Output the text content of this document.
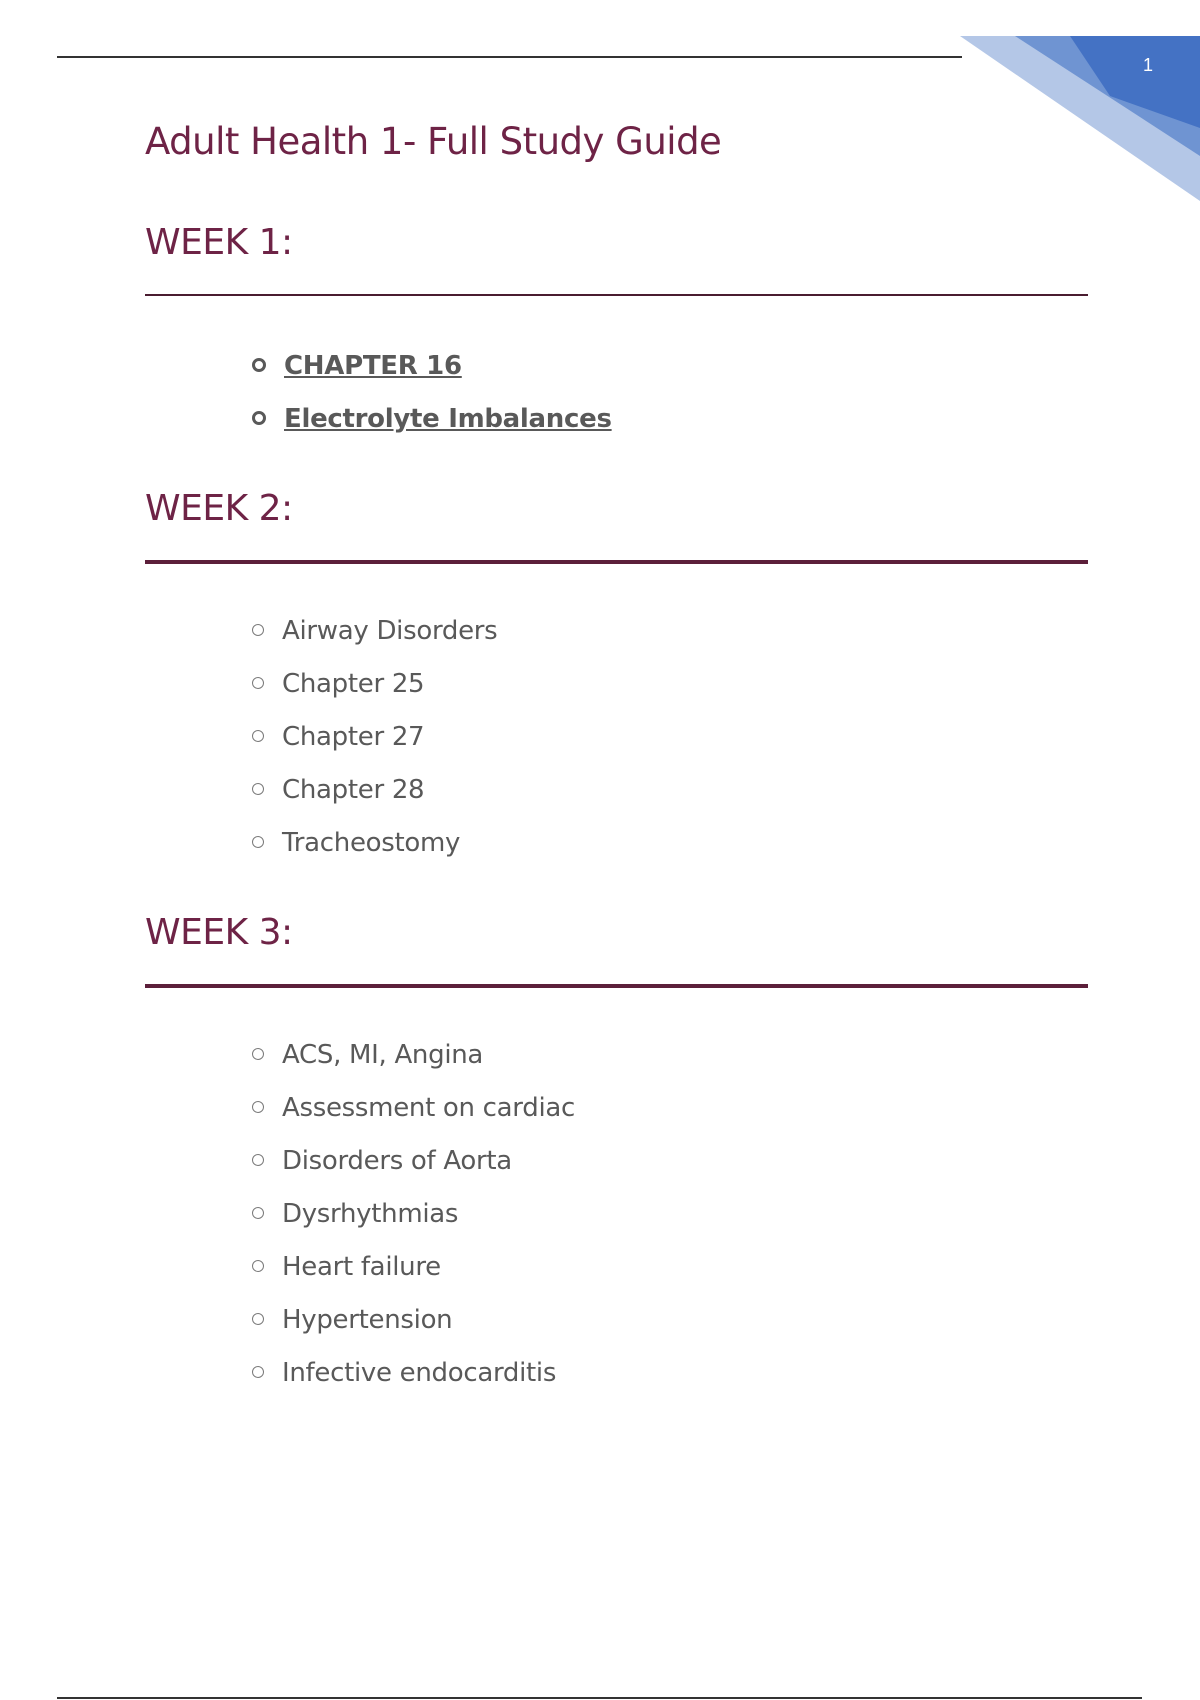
1
Adult Health 1- Full Study Guide
WEEK 1:
CHAPTER 16
Electrolyte Imbalances
WEEK 2:
Airway Disorders
Chapter 25
Chapter 27
Chapter 28
Tracheostomy
WEEK 3:
ACS, MI, Angina
Assessment on cardiac
Disorders of Aorta
Dysrhythmias
Heart failure
Hypertension
Infective endocarditis
